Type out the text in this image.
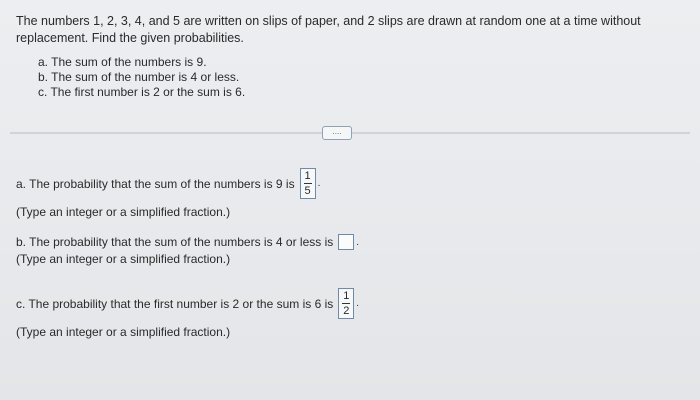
The numbers 1, 2, 3, 4, and 5 are written on slips of paper, and 2 slips are drawn at random one at a time without replacement. Find the given probabilities.

a. The sum of the numbers is 9.
b. The sum of the number is 4 or less.
c. The first number is 2 or the sum is 6.
....
a. The probability that the sum of the numbers is 9 is $\frac{1}{5}$ .
(Type an integer or a simplified fraction.)
b. The probability that the sum of the numbers is 4 or less is .
(Type an integer or a simplified fraction.)
c. The probability that the first number is 2 or the sum is 6 is $\frac{1}{2}$ .
(Type an integer or a simplified fraction.)
